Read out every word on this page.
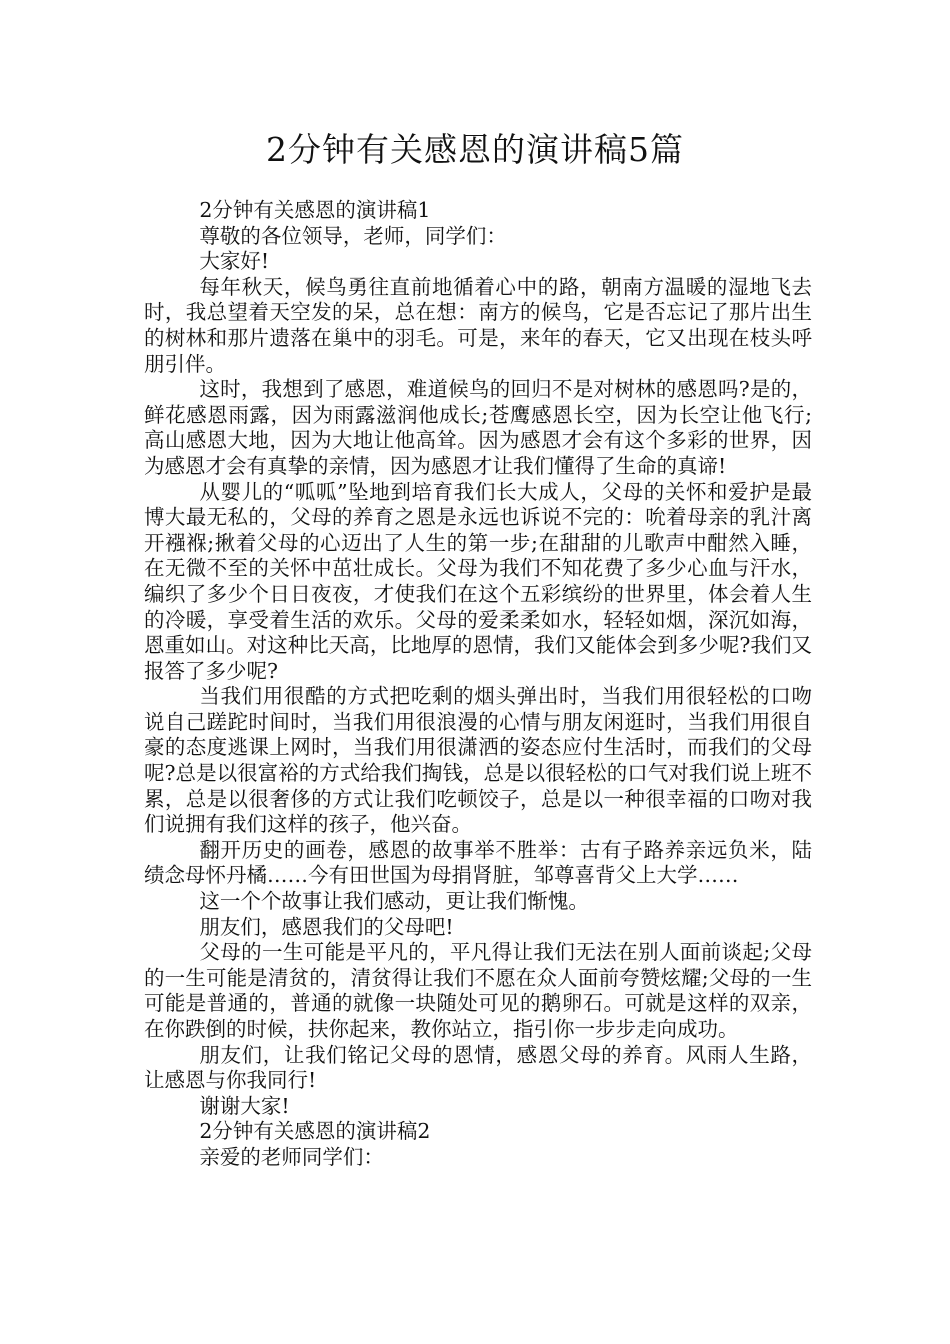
2分钟有关感恩的演讲稿5篇

2分钟有关感恩的演讲稿1

尊敬的各位领导，老师，同学们：

大家好!

每年秋天，候鸟勇往直前地循着心中的路，朝南方温暖的湿地飞去时，我总望着天空发的呆，总在想：南方的候鸟，它是否忘记了那片出生的树林和那片遗落在巢中的羽毛。可是，来年的春天，它又出现在枝头呼朋引伴。

这时，我想到了感恩，难道候鸟的回归不是对树林的感恩吗?是的，鲜花感恩雨露，因为雨露滋润他成长;苍鹰感恩长空，因为长空让他飞行;高山感恩大地，因为大地让他高耸。因为感恩才会有这个多彩的世界，因为感恩才会有真挚的亲情，因为感恩才让我们懂得了生命的真谛!

从婴儿的“呱呱”坠地到培育我们长大成人，父母的关怀和爱护是最博大最无私的，父母的养育之恩是永远也诉说不完的：吮着母亲的乳汁离开襁褓;揪着父母的心迈出了人生的第一步;在甜甜的儿歌声中酣然入睡，在无微不至的关怀中茁壮成长。父母为我们不知花费了多少心血与汗水，编织了多少个日日夜夜，才使我们在这个五彩缤纷的世界里，体会着人生的冷暖，享受着生活的欢乐。父母的爱柔柔如水，轻轻如烟，深沉如海，恩重如山。对这种比天高，比地厚的恩情，我们又能体会到多少呢?我们又报答了多少呢?

当我们用很酷的方式把吃剩的烟头弹出时，当我们用很轻松的口吻说自己蹉跎时间时，当我们用很浪漫的心情与朋友闲逛时，当我们用很自豪的态度逃课上网时，当我们用很潇洒的姿态应付生活时，而我们的父母呢?总是以很富裕的方式给我们掏钱，总是以很轻松的口气对我们说上班不累，总是以很奢侈的方式让我们吃顿饺子，总是以一种很幸福的口吻对我们说拥有我们这样的孩子，他兴奋。

翻开历史的画卷，感恩的故事举不胜举：古有子路养亲远负米，陆绩念母怀丹橘……今有田世国为母捐肾脏，邹尊喜背父上大学……

这一个个故事让我们感动，更让我们惭愧。

朋友们，感恩我们的父母吧!

父母的一生可能是平凡的，平凡得让我们无法在别人面前谈起;父母的一生可能是清贫的，清贫得让我们不愿在众人面前夸赞炫耀;父母的一生可能是普通的，普通的就像一块随处可见的鹅卵石。可就是这样的双亲，在你跌倒的时候，扶你起来，教你站立，指引你一步步走向成功。

朋友们，让我们铭记父母的恩情，感恩父母的养育。风雨人生路，让感恩与你我同行!

谢谢大家!

2分钟有关感恩的演讲稿2

亲爱的老师同学们：
